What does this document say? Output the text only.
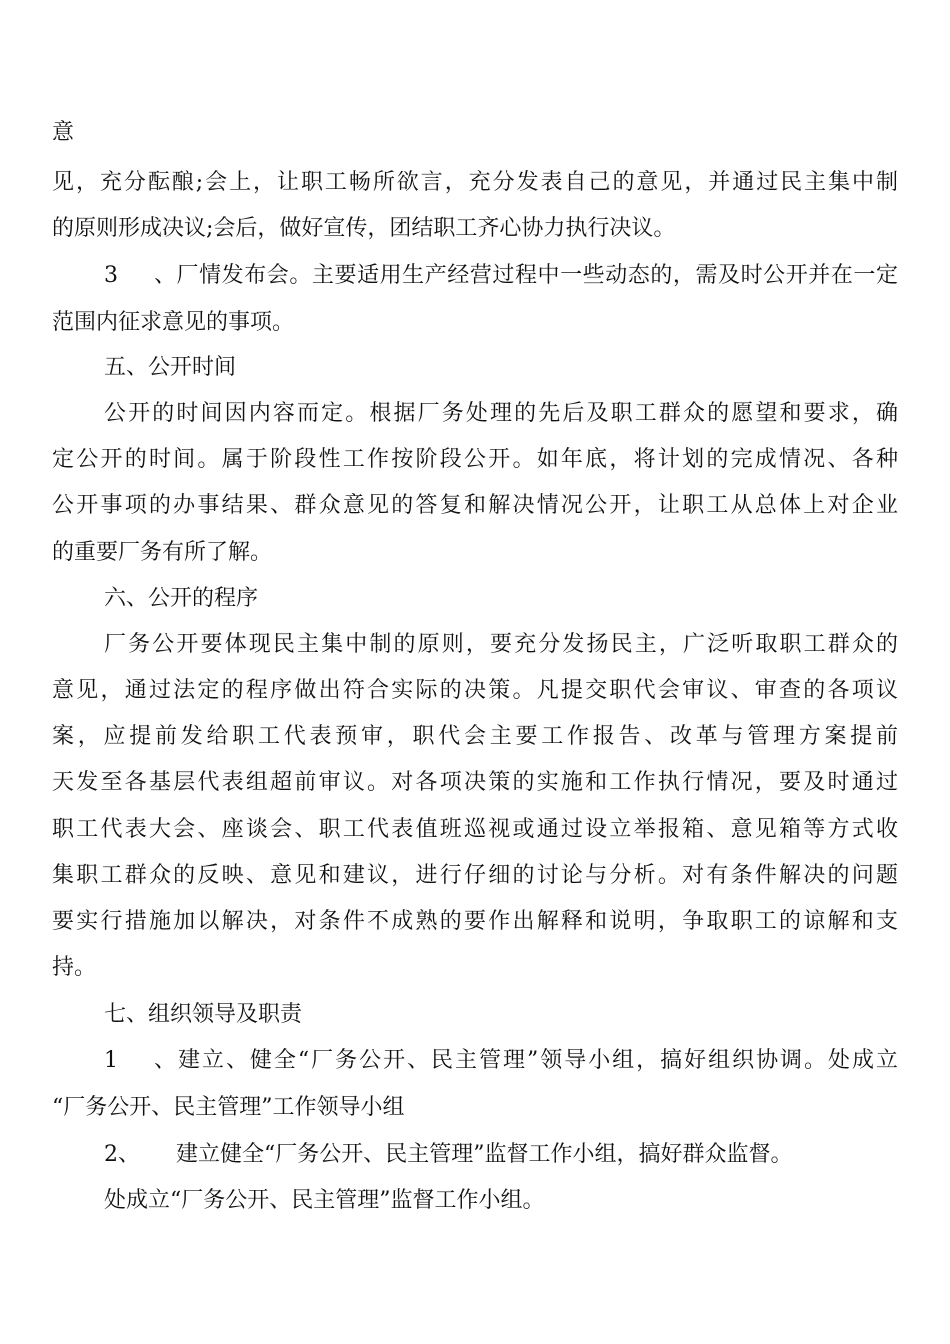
意
见，充分酝酿;会上，让职工畅所欲言，充分发表自己的意见，并通过民主集中制
的原则形成决议;会后，做好宣传，团结职工齐心协力执行决议。
3、厂情发布会。主要适用生产经营过程中一些动态的，需及时公开并在一定
范围内征求意见的事项。
五、公开时间
公开的时间因内容而定。根据厂务处理的先后及职工群众的愿望和要求，确
定公开的时间。属于阶段性工作按阶段公开。如年底，将计划的完成情况、各种
公开事项的办事结果、群众意见的答复和解决情况公开，让职工从总体上对企业
的重要厂务有所了解。
六、公开的程序
厂务公开要体现民主集中制的原则，要充分发扬民主，广泛听取职工群众的
意见，通过法定的程序做出符合实际的决策。凡提交职代会审议、审查的各项议
案，应提前发给职工代表预审，职代会主要工作报告、改革与管理方案提前
天发至各基层代表组超前审议。对各项决策的实施和工作执行情况，要及时通过
职工代表大会、座谈会、职工代表值班巡视或通过设立举报箱、意见箱等方式收
集职工群众的反映、意见和建议，进行仔细的讨论与分析。对有条件解决的问题
要实行措施加以解决，对条件不成熟的要作出解释和说明，争取职工的谅解和支
持。
七、组织领导及职责
1、建立、健全“厂务公开、民主管理”领导小组，搞好组织协调。处成立
“厂务公开、民主管理”工作领导小组
2、 建立健全“厂务公开、民主管理”监督工作小组，搞好群众监督。
处成立“厂务公开、民主管理”监督工作小组。
